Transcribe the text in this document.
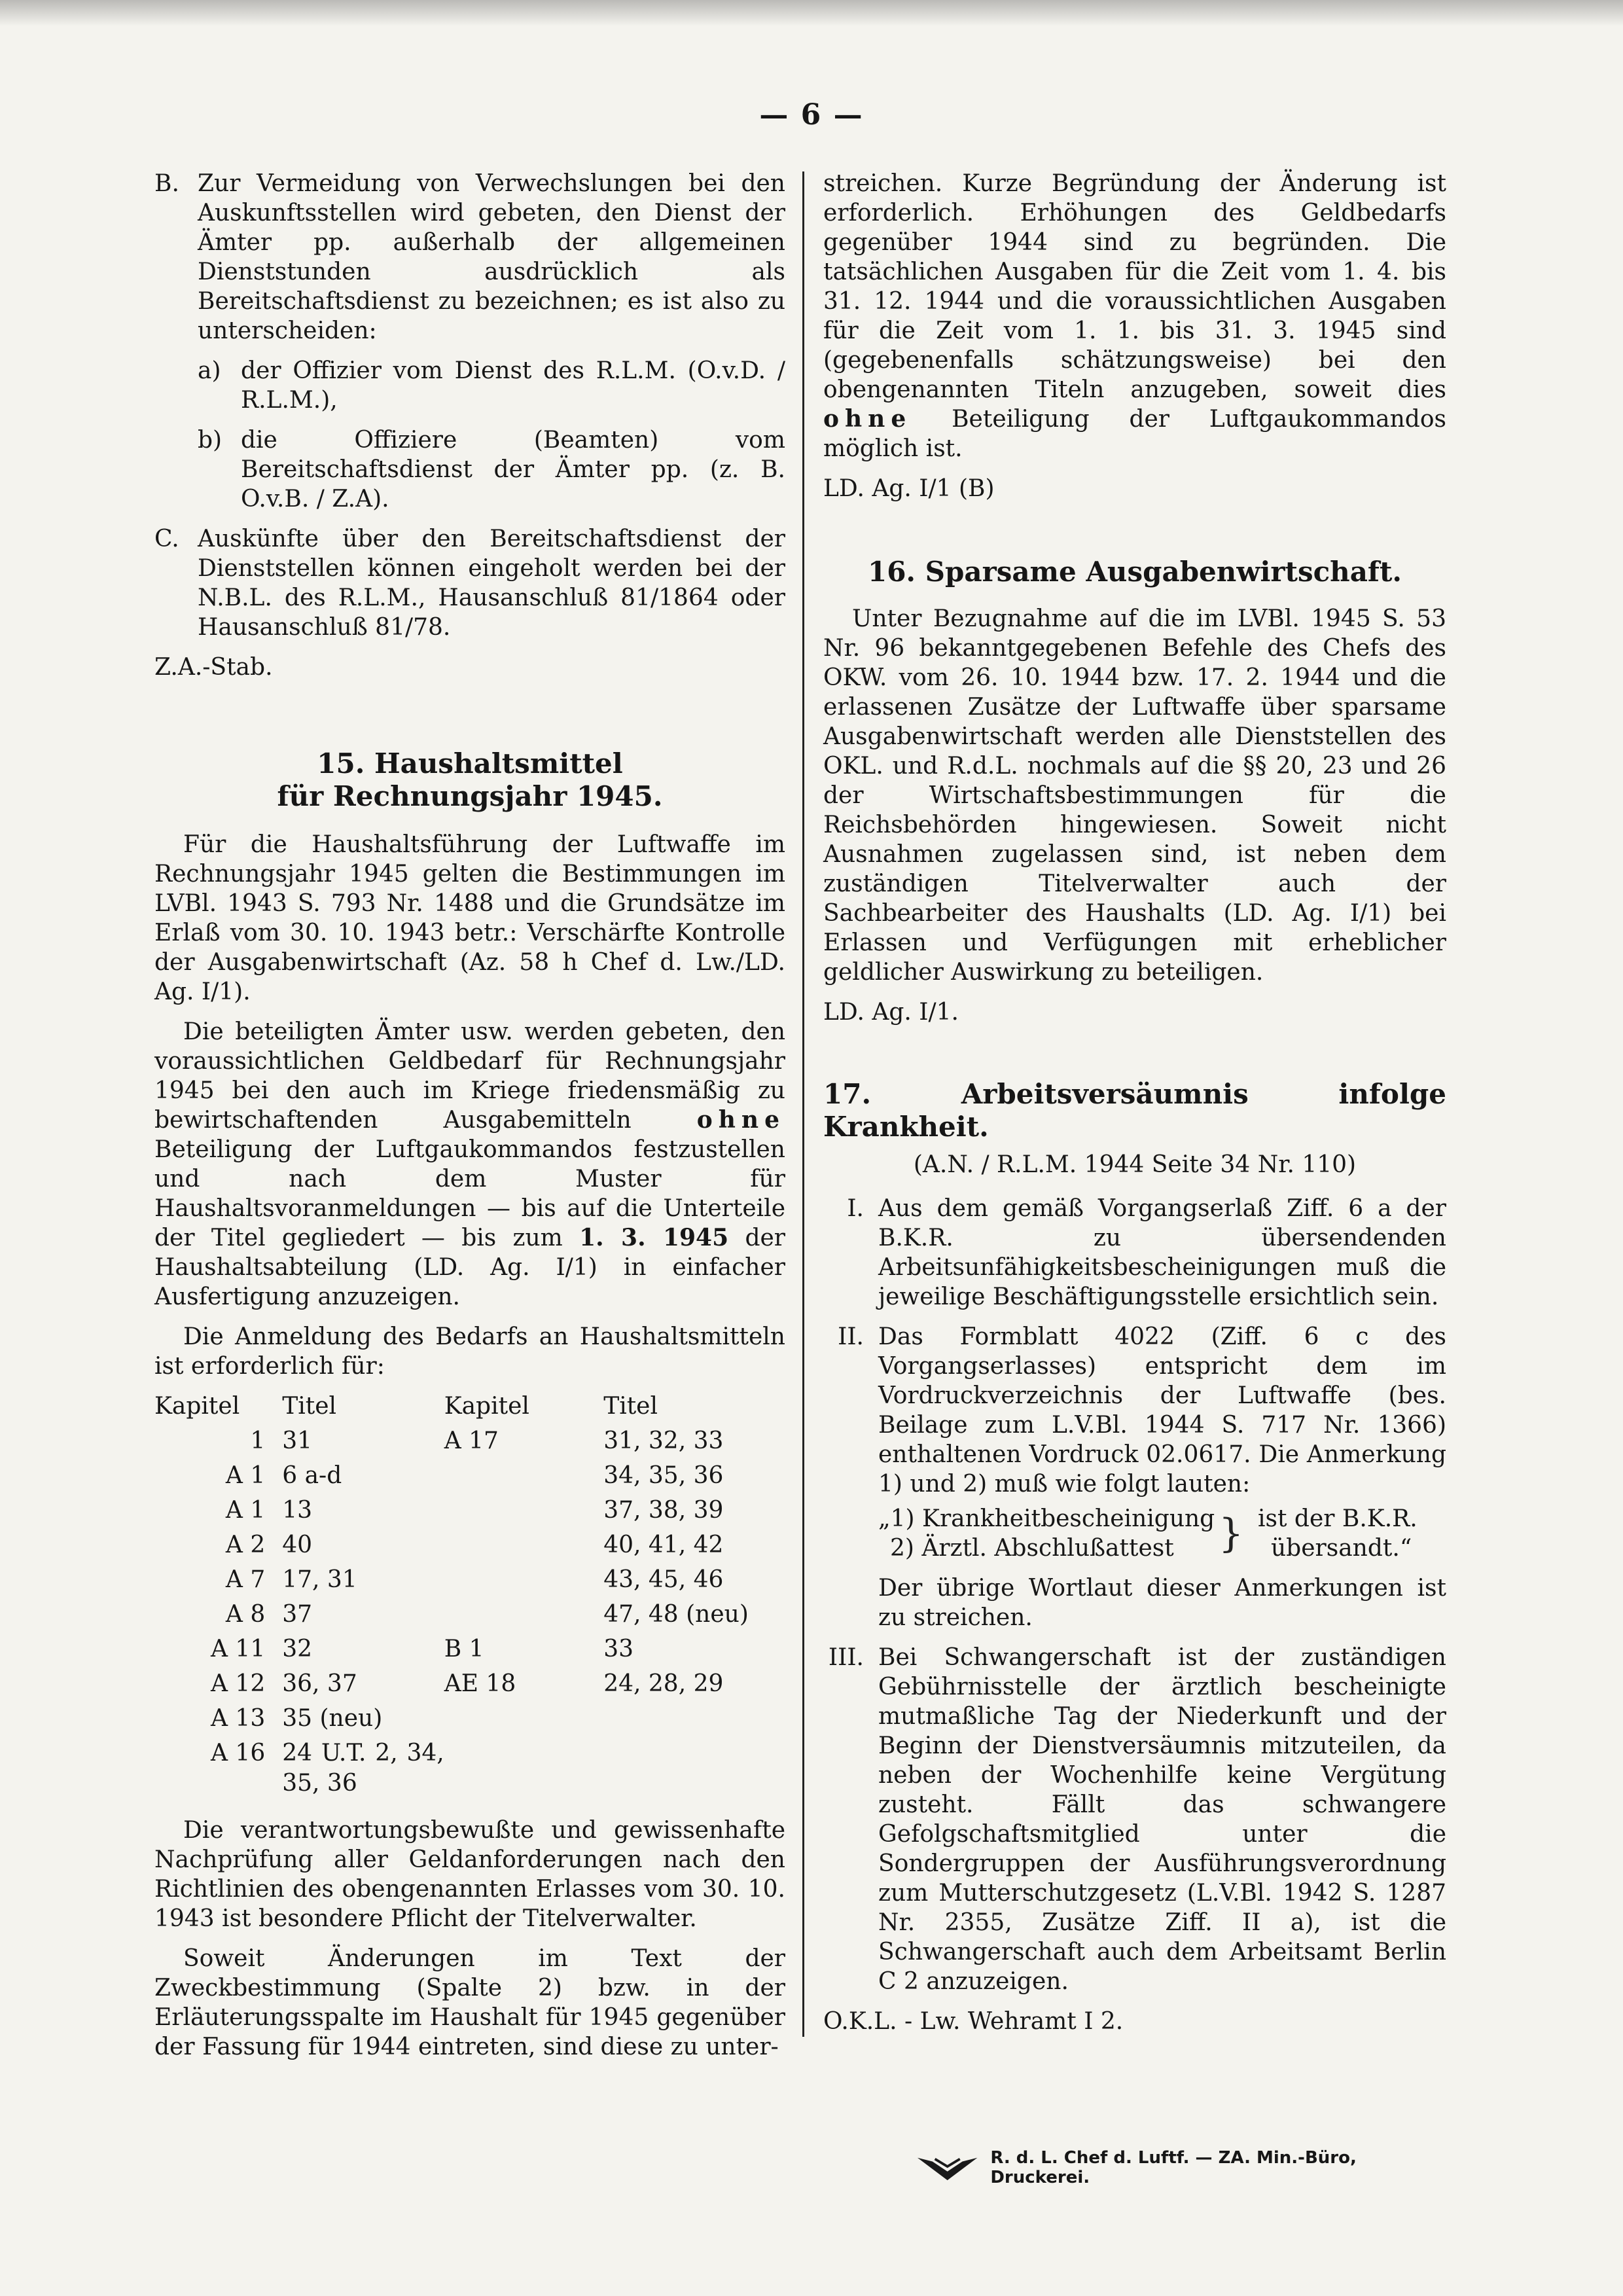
— 6 —
B. Zur Vermeidung von Verwechslungen bei den Auskunftsstellen wird gebeten, den Dienst der Ämter pp. außerhalb der allgemeinen Dienststunden ausdrücklich als Bereitschaftsdienst zu bezeichnen; es ist also zu unterscheiden:

a) der Offizier vom Dienst des R.L.M. (O.v.D. / R.L.M.),

b) die Offiziere (Beamten) vom Bereitschaftsdienst der Ämter pp. (z. B. O.v.B. / Z.A).

C. Auskünfte über den Bereitschaftsdienst der Dienststellen können eingeholt werden bei der N.B.L. des R.L.M., Hausanschluß 81/1864 oder Hausanschluß 81/78.

Z.A.-Stab.

15. Haushaltsmittel
für Rechnungsjahr 1945.

Für die Haushaltsführung der Luftwaffe im Rechnungsjahr 1945 gelten die Bestimmungen im LVBl. 1943 S. 793 Nr. 1488 und die Grundsätze im Erlaß vom 30. 10. 1943 betr.: Verschärfte Kontrolle der Ausgabenwirtschaft (Az. 58 h Chef d. Lw./LD. Ag. I/1).

Die beteiligten Ämter usw. werden gebeten, den voraussichtlichen Geldbedarf für Rechnungsjahr 1945 bei den auch im Kriege friedensmäßig zu bewirtschaftenden Ausgabemitteln	ohne Beteiligung der Luftgaukommandos festzustellen und nach dem Muster für Haushaltsvoranmeldungen — bis auf die Unterteile der Titel gegliedert — bis zum 1. 3. 1945 der Haushaltsabteilung (LD. Ag. I/1) in einfacher Ausfertigung anzuzeigen.

Die Anmeldung des Bedarfs an Haushaltsmitteln ist erforderlich für:

Kapitel	Titel	Kapitel	Titel
1	31	A 17	31, 32, 33
A 1	6 a-d		34, 35, 36
A 1	13		37, 38, 39
A 2	40		40, 41, 42
A 7	17, 31		43, 45, 46
A 8	37		47, 48 (neu)
A 11	32	B 1	33
A 12	36, 37	AE 18	24, 28, 29
A 13	35 (neu)		
A 16	24 U.T. 2, 34, 35, 36		

Die verantwortungsbewußte und gewissenhafte Nachprüfung aller Geldanforderungen nach den Richtlinien des obengenannten Erlasses vom 30. 10. 1943 ist besondere Pflicht der Titelverwalter.

Soweit Änderungen im Text der Zweckbestimmung (Spalte 2) bzw. in der Erläuterungsspalte im Haushalt für 1945 gegenüber der Fassung für 1944 eintreten, sind diese zu unter-

streichen. Kurze Begründung der Änderung ist erforderlich. Erhöhungen des Geldbedarfs gegenüber 1944 sind zu begründen. Die tatsächlichen Ausgaben für die Zeit vom 1. 4. bis 31. 12. 1944 und die voraussichtlichen Ausgaben für die Zeit vom 1. 1. bis 31. 3. 1945 sind (gegebenenfalls schätzungsweise) bei den obengenannten Titeln anzugeben, soweit dies ohne Beteiligung der Luftgaukommandos möglich ist.

LD. Ag. I/1 (B)

16. Sparsame Ausgabenwirtschaft.

Unter Bezugnahme auf die im LVBl. 1945 S. 53 Nr. 96 bekanntgegebenen Befehle des Chefs des OKW. vom 26. 10. 1944 bzw. 17. 2. 1944 und die erlassenen Zusätze der Luftwaffe über sparsame Ausgabenwirtschaft werden alle Dienststellen des OKL. und R.d.L. nochmals auf die §§ 20, 23 und 26 der Wirtschaftsbestimmungen für die Reichsbehörden hingewiesen. Soweit nicht Ausnahmen zugelassen sind, ist neben dem zuständigen Titelverwalter auch der Sachbearbeiter des Haushalts (LD. Ag. I/1) bei Erlassen und Verfügungen mit erheblicher geldlicher Auswirkung zu beteiligen.

LD. Ag. I/1.

17. Arbeitsversäumnis infolge Krankheit.
(A.N. / R.L.M. 1944 Seite 34 Nr. 110)
I. Aus dem gemäß Vorgangserlaß Ziff. 6 a der B.K.R. zu übersendenden Arbeitsunfähigkeitsbescheinigungen muß die jeweilige Beschäftigungsstelle ersichtlich sein.

II. Das Formblatt 4022 (Ziff. 6 c des Vorgangserlasses) entspricht dem im Vordruckverzeichnis der Luftwaffe (bes. Beilage zum L.V.Bl. 1944 S. 717 Nr. 1366) enthaltenen Vordruck 02.0617. Die Anmerkung 1) und 2) muß wie folgt lauten:

„1) Krankheitbescheinigung
2) Ärztl. Abschlußattest	} ist der B.K.R.
übersandt.“

Der übrige Wortlaut dieser Anmerkungen ist zu streichen.

III. Bei Schwangerschaft ist der zuständigen Gebührnisstelle der ärztlich bescheinigte mutmaßliche Tag der Niederkunft und der Beginn der Dienstversäumnis mitzuteilen, da neben der Wochenhilfe keine Vergütung zusteht. Fällt das schwangere Gefolgschaftsmitglied unter die Sondergruppen der Ausführungsverordnung zum Mutterschutzgesetz (L.V.Bl. 1942 S. 1287 Nr. 2355, Zusätze Ziff. II a), ist die Schwangerschaft auch dem Arbeitsamt Berlin C 2 anzuzeigen.

O.K.L. - Lw. Wehramt I 2.

R. d. L. Chef d. Luftf. — ZA. Min.-Büro, Druckerei.
